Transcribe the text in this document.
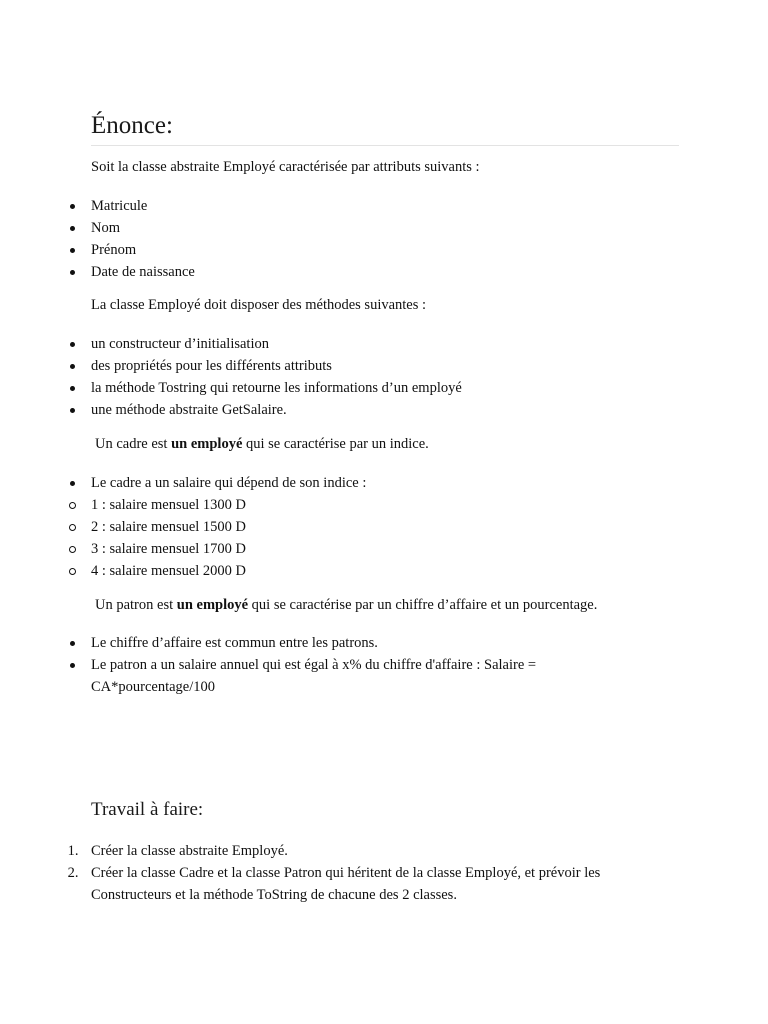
Énonce:

Soit la classe abstraite Employé caractérisée par attributs suivants :

Matricule
Nom
Prénom
Date de naissance

La classe Employé doit disposer des méthodes suivantes :

un constructeur d’initialisation
des propriétés pour les différents attributs
la méthode Tostring qui retourne les informations d’un employé
une méthode abstraite GetSalaire.

Un cadre est un employé qui se caractérise par un indice.

Le cadre a un salaire qui dépend de son indice :
1 : salaire mensuel 1300 D
2 : salaire mensuel 1500 D
3 : salaire mensuel 1700 D
4 : salaire mensuel 2000 D

Un patron est un employé qui se caractérise par un chiffre d’affaire et un pourcentage.

Le chiffre d’affaire est commun entre les patrons.
Le patron a un salaire annuel qui est égal à x% du chiffre d'affaire : Salaire = CA*pourcentage/100
Travail à faire:
1. Créer la classe abstraite Employé.
2. Créer la classe Cadre et la classe Patron qui héritent de la classe Employé, et prévoir les Constructeurs et la méthode ToString de chacune des 2 classes.
